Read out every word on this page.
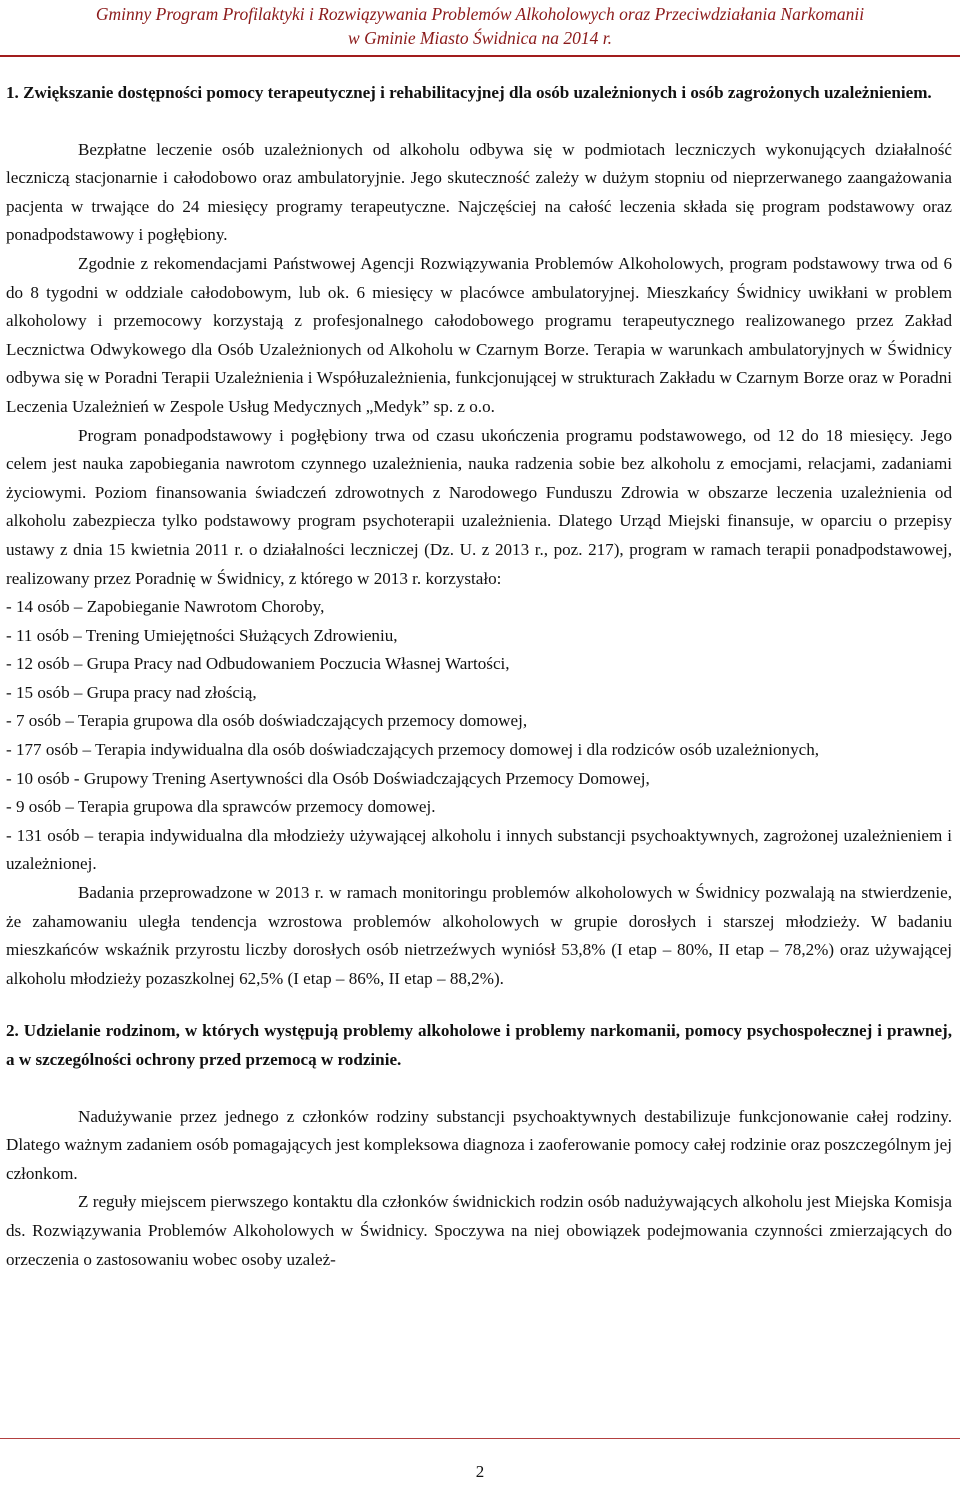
Gminny Program Profilaktyki i Rozwiązywania Problemów Alkoholowych oraz Przeciwdziałania Narkomanii
w Gminie Miasto Świdnica na 2014 r.

1. Zwiększanie dostępności pomocy terapeutycznej i rehabilitacyjnej dla osób uzależnionych i osób zagrożonych uzależnieniem.

Bezpłatne leczenie osób uzależnionych od alkoholu odbywa się w podmiotach leczniczych wykonujących działalność leczniczą stacjonarnie i całodobowo oraz ambulatoryjnie. Jego skuteczność zależy w dużym stopniu od nieprzerwanego zaangażowania pacjenta w trwające do 24 miesięcy programy terapeutyczne. Najczęściej na całość leczenia składa się program podstawowy oraz ponadpodstawowy i pogłębiony.

Zgodnie z rekomendacjami Państwowej Agencji Rozwiązywania Problemów Alkoholowych, program podstawowy trwa od 6 do 8 tygodni w oddziale całodobowym, lub ok. 6 miesięcy w placówce ambulatoryjnej. Mieszkańcy Świdnicy uwikłani w problem alkoholowy i przemocowy korzystają z profesjonalnego całodobowego programu terapeutycznego realizowanego przez Zakład Lecznictwa Odwykowego dla Osób Uzależnionych od Alkoholu w Czarnym Borze. Terapia w warunkach ambulatoryjnych w Świdnicy odbywa się w Poradni Terapii Uzależnienia i Współuzależnienia, funkcjonującej w strukturach Zakładu w Czarnym Borze oraz w Poradni Leczenia Uzależnień w Zespole Usług Medycznych „Medyk” sp. z o.o.

Program ponadpodstawowy i pogłębiony trwa od czasu ukończenia programu podstawowego, od 12 do 18 miesięcy. Jego celem jest nauka zapobiegania nawrotom czynnego uzależnienia, nauka radzenia sobie bez alkoholu z emocjami, relacjami, zadaniami życiowymi. Poziom finansowania świadczeń zdrowotnych z Narodowego Funduszu Zdrowia w obszarze leczenia uzależnienia od alkoholu zabezpiecza tylko podstawowy program psychoterapii uzależnienia. Dlatego Urząd Miejski finansuje, w oparciu o przepisy ustawy z dnia 15 kwietnia 2011 r. o działalności leczniczej (Dz. U. z 2013 r., poz. 217), program w ramach terapii ponadpodstawowej, realizowany przez Poradnię w Świdnicy, z którego w 2013 r. korzystało:

- 14 osób – Zapobieganie Nawrotom Choroby,

- 11 osób – Trening Umiejętności Służących Zdrowieniu,

- 12 osób – Grupa Pracy nad Odbudowaniem Poczucia Własnej Wartości,

- 15 osób – Grupa pracy nad złością,

- 7 osób – Terapia grupowa dla osób doświadczających przemocy domowej,

- 177 osób – Terapia indywidualna dla osób doświadczających przemocy domowej i dla rodziców osób uzależnionych,

- 10 osób - Grupowy Trening Asertywności dla Osób Doświadczających Przemocy Domowej,

- 9 osób – Terapia grupowa dla sprawców przemocy domowej.

- 131 osób – terapia indywidualna dla młodzieży używającej alkoholu i innych substancji psychoaktywnych, zagrożonej uzależnieniem i uzależnionej.

Badania przeprowadzone w 2013 r. w ramach monitoringu problemów alkoholowych w Świdnicy pozwalają na stwierdzenie, że zahamowaniu uległa tendencja wzrostowa problemów alkoholowych w grupie dorosłych i starszej młodzieży. W badaniu mieszkańców wskaźnik przyrostu liczby dorosłych osób nietrzeźwych wyniósł 53,8% (I etap – 80%, II etap – 78,2%) oraz używającej alkoholu młodzieży pozaszkolnej 62,5% (I etap – 86%, II etap – 88,2%).

2. Udzielanie rodzinom, w których występują problemy alkoholowe i problemy narkomanii, pomocy psychospołecznej i prawnej, a w szczególności ochrony przed przemocą w rodzinie.

Nadużywanie przez jednego z członków rodziny substancji psychoaktywnych destabilizuje funkcjonowanie całej rodziny. Dlatego ważnym zadaniem osób pomagających jest kompleksowa diagnoza i zaoferowanie pomocy całej rodzinie oraz poszczególnym jej członkom.

Z reguły miejscem pierwszego kontaktu dla członków świdnickich rodzin osób nadużywających alkoholu jest Miejska Komisja ds. Rozwiązywania Problemów Alkoholowych w Świdnicy. Spoczywa na niej obowiązek podejmowania czynności zmierzających do orzeczenia o zastosowaniu wobec osoby uzależ-

2
